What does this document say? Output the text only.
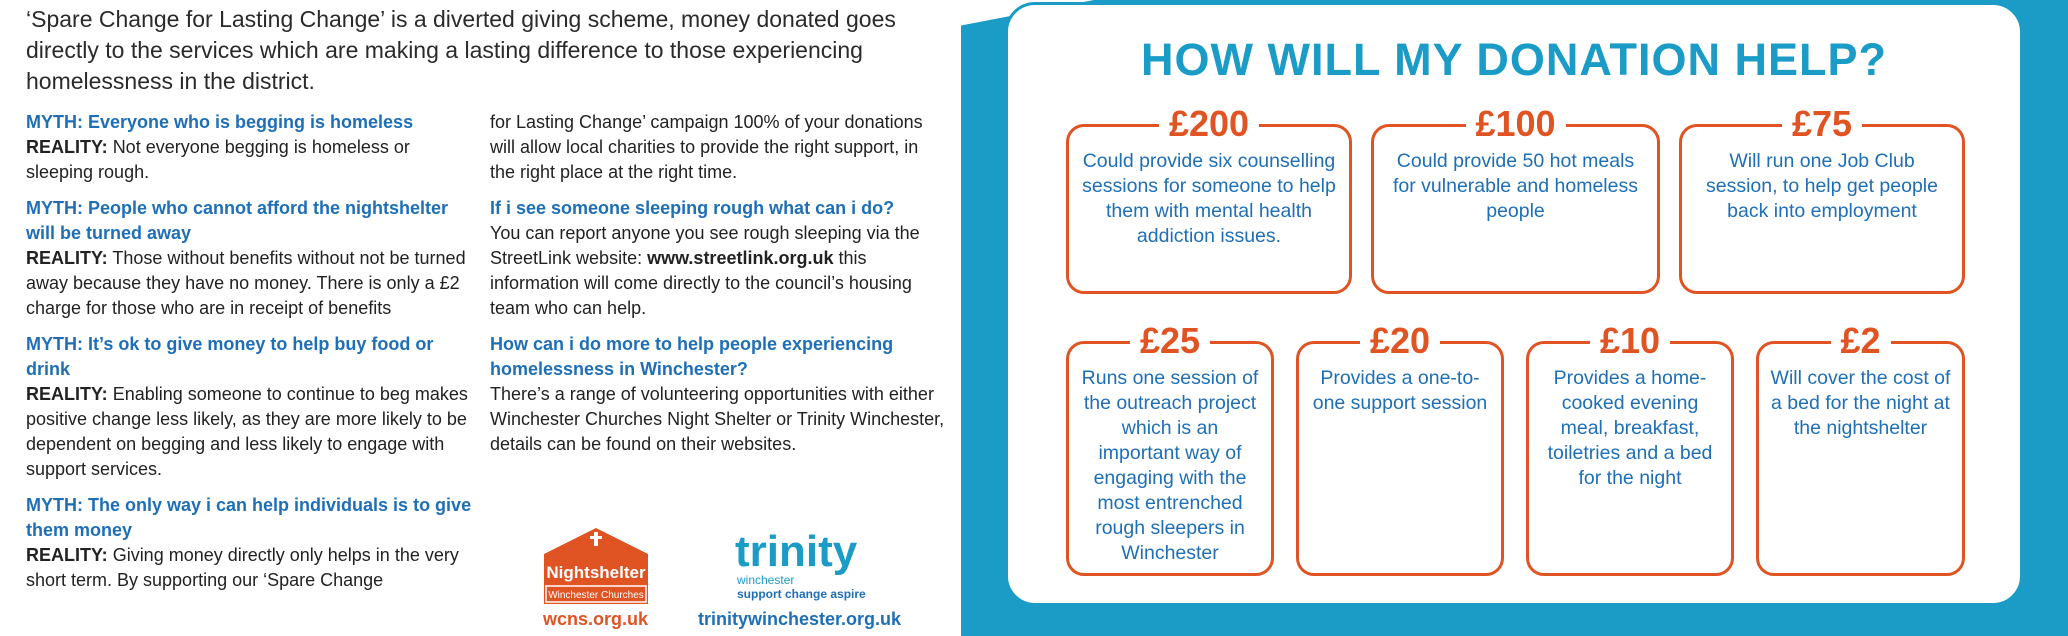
‘Spare Change for Lasting Change’ is a diverted giving scheme, money donated goes directly to the services which are making a lasting difference to those experiencing homelessness in the district.
MYTH: Everyone who is begging is homeless

REALITY: Not everyone begging is homeless or sleeping rough.

MYTH: People who cannot afford the nightshelter will be turned away

REALITY: Those without benefits without not be turned away because they have no money. There is only a £2 charge for those who are in receipt of benefits

MYTH: It’s ok to give money to help buy food or drink

REALITY: Enabling someone to continue to beg makes positive change less likely, as they are more likely to be dependent on begging and less likely to engage with support services.

MYTH: The only way i can help individuals is to give them money

REALITY: Giving money directly only helps in the very short term. By supporting our ‘Spare Change

for Lasting Change’ campaign 100% of your donations will allow local charities to provide the right support, in the right place at the right time.

If i see someone sleeping rough what can i do?

You can report anyone you see rough sleeping via the StreetLink website: www.streetlink.org.uk this information will come directly to the council’s housing team who can help.

How can i do more to help people experiencing homelessness in Winchester?

There’s a range of volunteering opportunities with either Winchester Churches Night Shelter or Trinity Winchester, details can be found on their websites.

Nightshelter
Winchester Churches
trinity
winchester
support change aspire
wcns.org.uk	trinitywinchester.org.uk
HOW WILL MY DONATION HELP?
£200
Could provide six counselling sessions for someone to help them with mental health addiction issues.
£100
Could provide 50 hot meals for vulnerable and homeless people
£75
Will run one Job Club session, to help get people back into employment
£25
Runs one session of the outreach project which is an important way of engaging with the most entrenched rough sleepers in Winchester
£20
Provides a one-to-one support session
£10
Provides a home-cooked evening meal, breakfast, toiletries and a bed for the night
£2
Will cover the cost of a bed for the night at the nightshelter
